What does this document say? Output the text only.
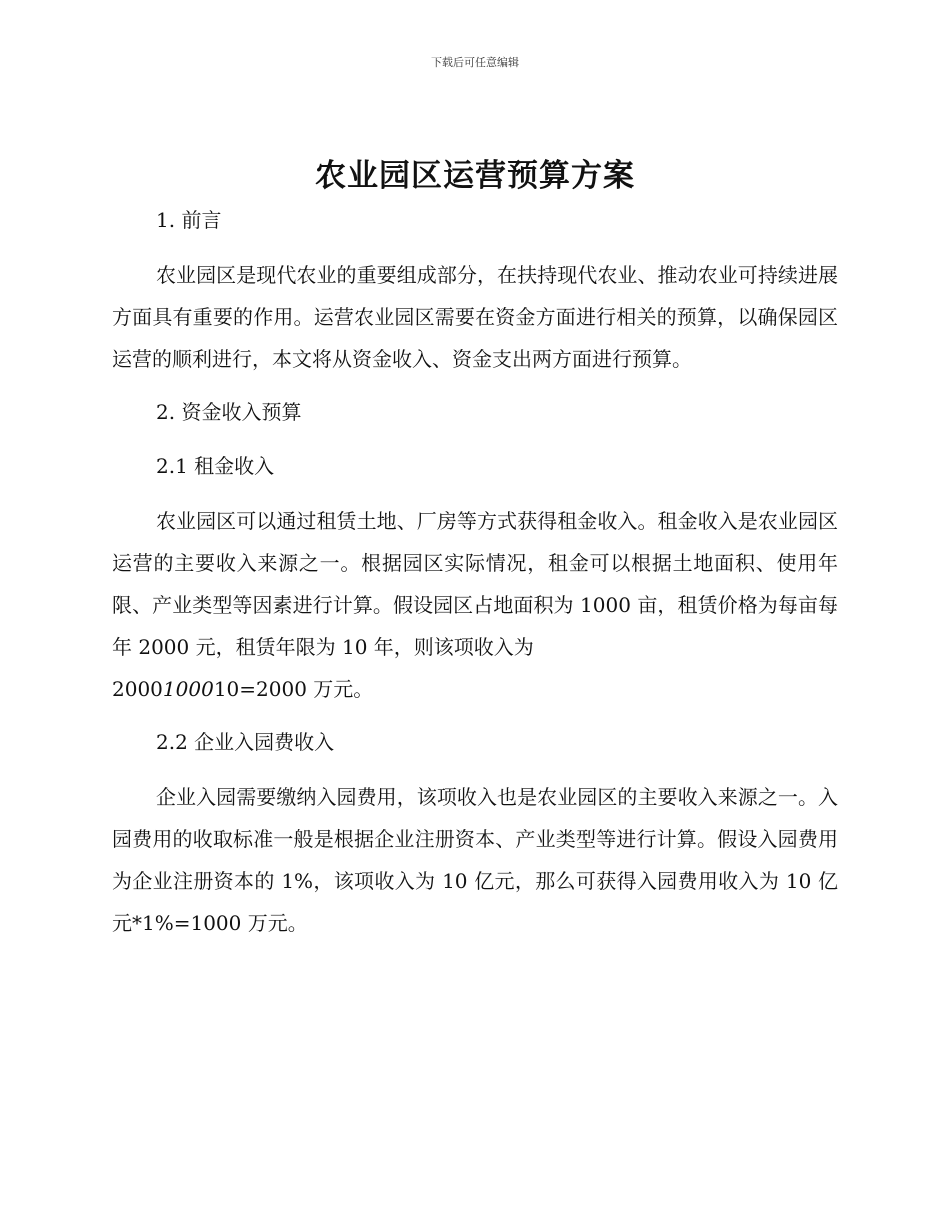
下载后可任意编辑
农业园区运营预算方案
1. 前言

农业园区是现代农业的重要组成部分，在扶持现代农业、推动农业可持续进展方面具有重要的作用。运营农业园区需要在资金方面进行相关的预算，以确保园区运营的顺利进行，本文将从资金收入、资金支出两方面进行预算。

2. 资金收入预算
2.1 租金收入

农业园区可以通过租赁土地、厂房等方式获得租金收入。租金收入是农业园区运营的主要收入来源之一。根据园区实际情况，租金可以根据土地面积、使用年限、产业类型等因素进行计算。假设园区占地面积为 1000 亩，租赁价格为每亩每年 2000 元，租赁年限为 10 年，则该项收入为

2000100010=2000 万元。

2.2 企业入园费收入

企业入园需要缴纳入园费用，该项收入也是农业园区的主要收入来源之一。入园费用的收取标准一般是根据企业注册资本、产业类型等进行计算。假设入园费用为企业注册资本的 1%，该项收入为 10 亿元，那么可获得入园费用收入为 10 亿元*1%=1000 万元。
